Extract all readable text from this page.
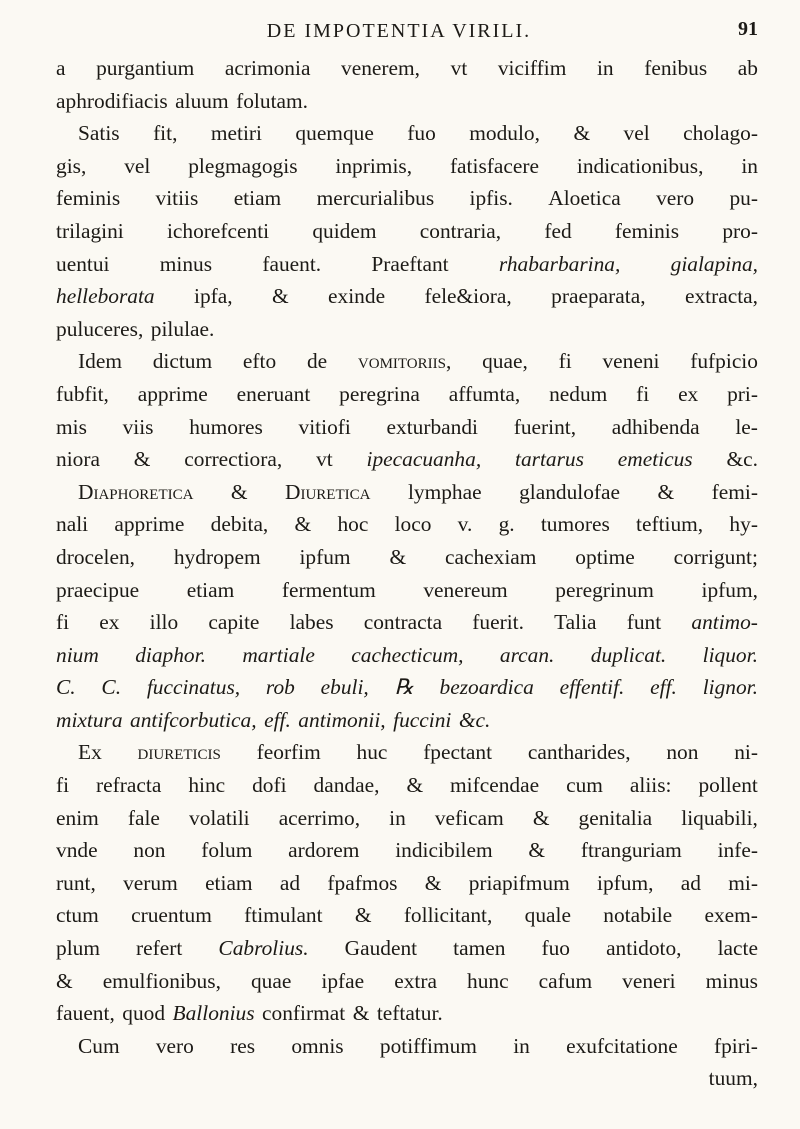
DE IMPOTENTIA VIRILI.	91
a purgantium acrimonia venerem, vt viciffim in fenibus ab
aphrodifiacis aluum folutam.
Satis fit, metiri quemque fuo modulo, & vel cholago-
gis, vel plegmagogis inprimis, fatisfacere indicationibus, in
feminis vitiis etiam mercurialibus ipfis. Aloetica vero pu-
trilagini ichorefcenti quidem contraria, fed feminis pro-
uentui minus fauent. Praeftant rhabarbarina, gialapina,
helleborata ipfa, & exinde fele&iora, praeparata, extracta,
puluceres, pilulae.
Idem dictum efto de vomitoriis, quae, fi veneni fufpicio
fubfit, apprime eneruant peregrina affumta, nedum fi ex pri-
mis viis humores vitiofi exturbandi fuerint, adhibenda le-
niora & correctiora, vt ipecacuanha, tartarus emeticus &c.
Diaphoretica & Diuretica lymphae glandulofae & femi-
nali apprime debita, & hoc loco v. g. tumores teftium, hy-
drocelen, hydropem ipfum & cachexiam optime corrigunt;
praecipue etiam fermentum venereum peregrinum ipfum,
fi ex illo capite labes contracta fuerit. Talia funt antimo-
nium diaphor. martiale cachecticum, arcan. duplicat. liquor.
C. C. fuccinatus, rob ebuli, ℞ bezoardica effentif. eff. lignor.
mixtura antifcorbutica, eff. antimonii, fuccini &c.
Ex diureticis feorfim huc fpectant cantharides, non ni-
fi refracta hinc dofi dandae, & mifcendae cum aliis: pollent
enim fale volatili acerrimo, in veficam & genitalia liquabili,
vnde non folum ardorem indicibilem & ftranguriam infe-
runt, verum etiam ad fpafmos & priapifmum ipfum, ad mi-
ctum cruentum ftimulant & follicitant, quale notabile exem-
plum refert Cabrolius. Gaudent tamen fuo antidoto, lacte
& emulfionibus, quae ipfae extra hunc cafum veneri minus
fauent, quod Ballonius confirmat & teftatur.
Cum vero res omnis potiffimum in exufcitatione fpiri-
tuum,
